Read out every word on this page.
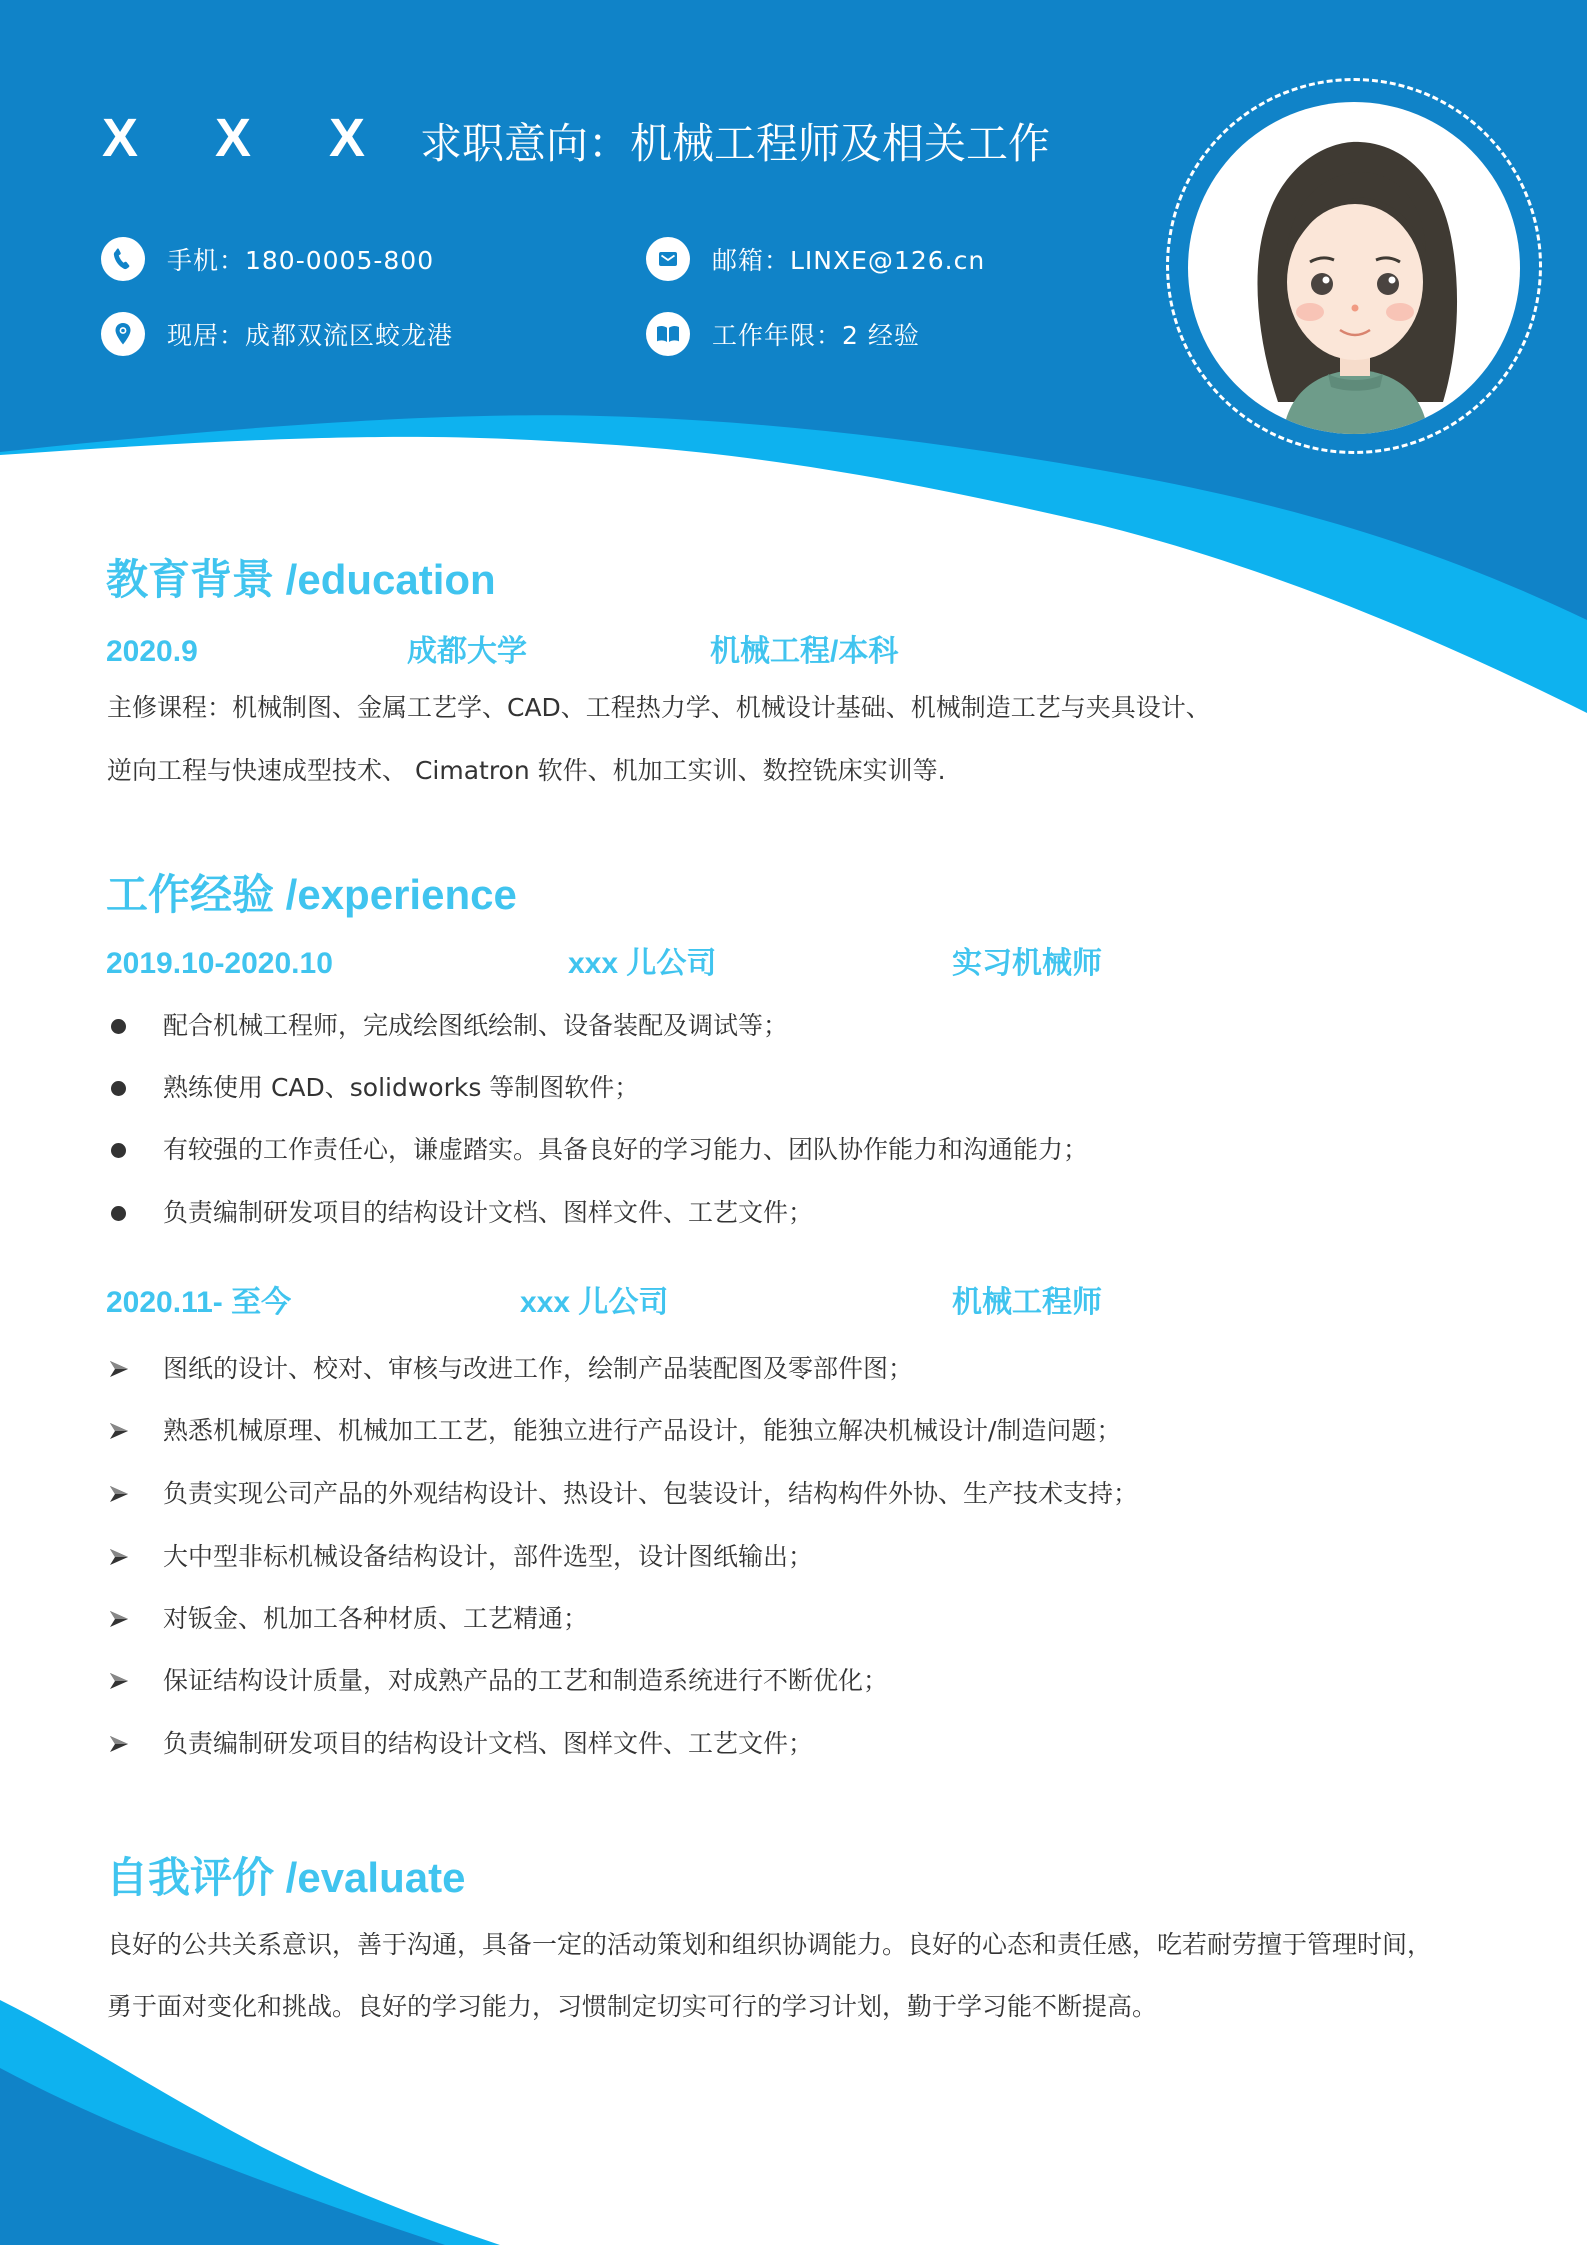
X X X 求职意向：机械工程师及相关工作
手机：180-0005-800	邮箱：LINXE@126.cn
现居：成都双流区蛟龙港	工作年限：2 经验
教育背景 /education
2020.9	成都大学	机械工程/本科
主修课程：机械制图、金属工艺学、CAD、工程热力学、机械设计基础、机械制造工艺与夹具设计、
逆向工程与快速成型技术、 Cimatron 软件、机加工实训、数控铣床实训等.
工作经验 /experience
2019.10-2020.10	xxx 儿公司	实习机械师
配合机械工程师，完成绘图纸绘制、设备装配及调试等；
熟练使用 CAD、solidworks 等制图软件；
有较强的工作责任心，谦虚踏实。具备良好的学习能力、团队协作能力和沟通能力；
负责编制研发项目的结构设计文档、图样文件、工艺文件；
2020.11- 至今	xxx 儿公司	机械工程师
图纸的设计、校对、审核与改进工作，绘制产品装配图及零部件图；
熟悉机械原理、机械加工工艺，能独立进行产品设计，能独立解决机械设计/制造问题；
负责实现公司产品的外观结构设计、热设计、包装设计，结构构件外协、生产技术支持；
大中型非标机械设备结构设计，部件选型，设计图纸输出；
对钣金、机加工各种材质、工艺精通；
保证结构设计质量，对成熟产品的工艺和制造系统进行不断优化；
负责编制研发项目的结构设计文档、图样文件、工艺文件；
自我评价 /evaluate
良好的公共关系意识，善于沟通，具备一定的活动策划和组织协调能力。良好的心态和责任感，吃若耐劳擅于管理时间，
勇于面对变化和挑战。良好的学习能力，习惯制定切实可行的学习计划，勤于学习能不断提高。
